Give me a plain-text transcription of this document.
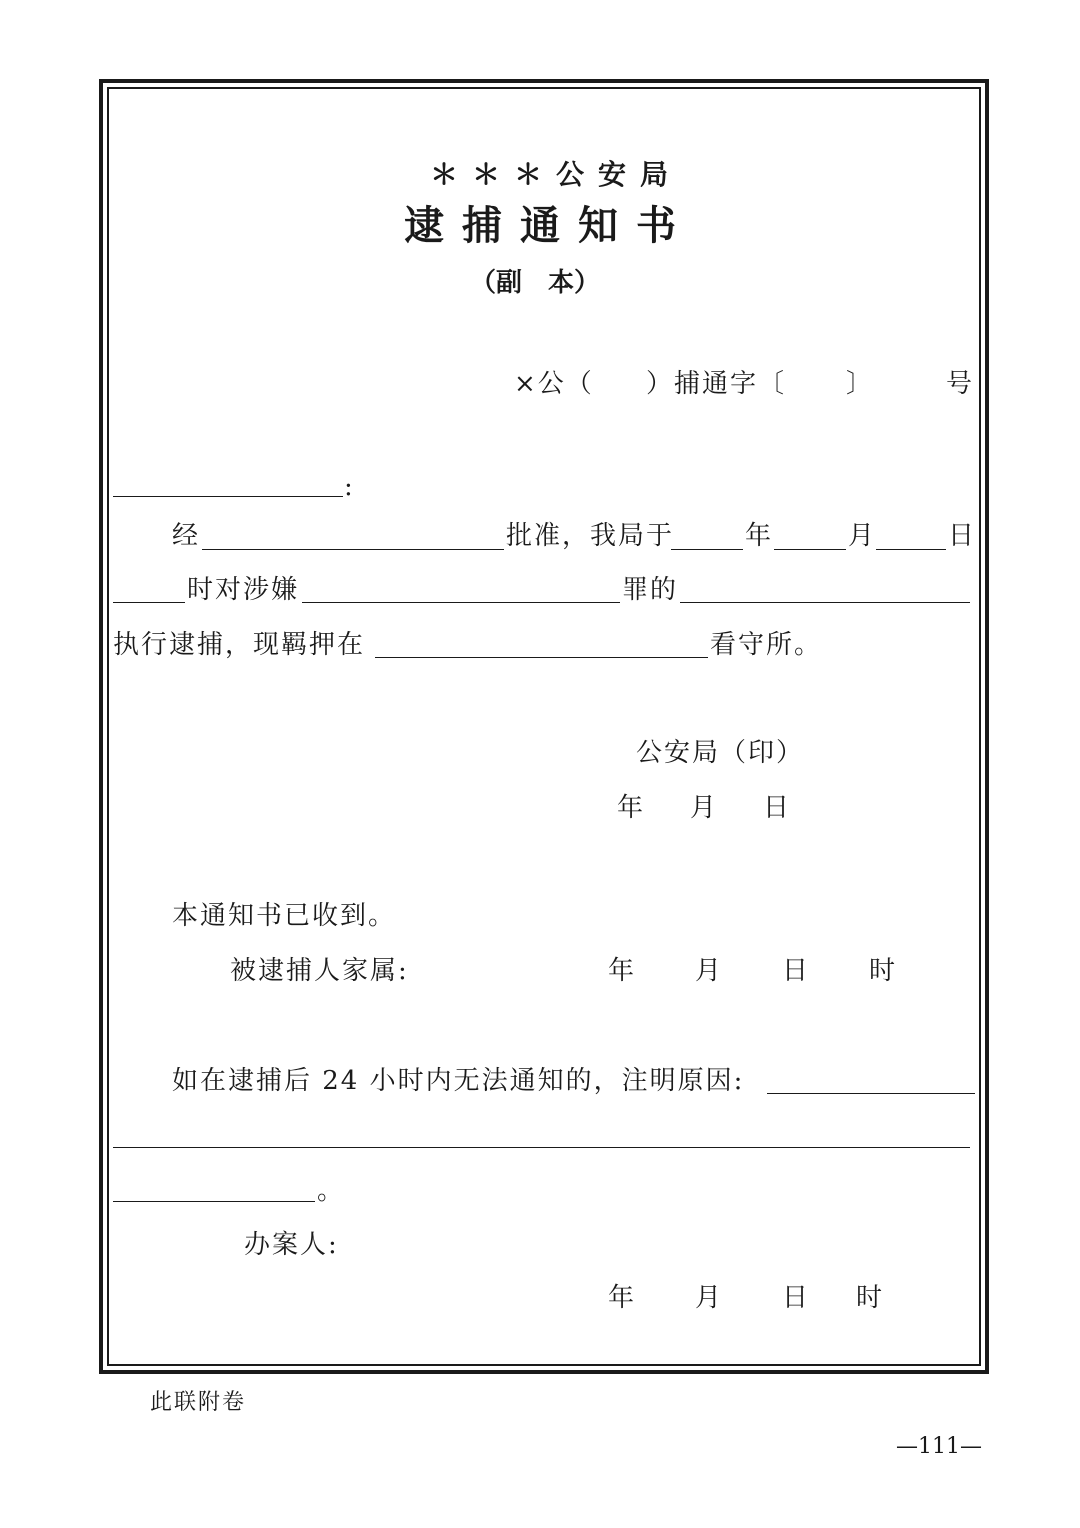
＊＊＊公安局
逮捕通知书
（副　本）
×公（ ）捕通字〔 〕	号
:
经	批准，我局于	年	月	日
时对涉嫌	罪的
执行逮捕，现羁押在	看守所。
公安局（印）
年 月 日
本通知书已收到。
被逮捕人家属:	年 月 日 时
如在逮捕后 24 小时内无法通知的，注明原因:
。
办案人:
年 月 日 时
此联附卷
—111—
